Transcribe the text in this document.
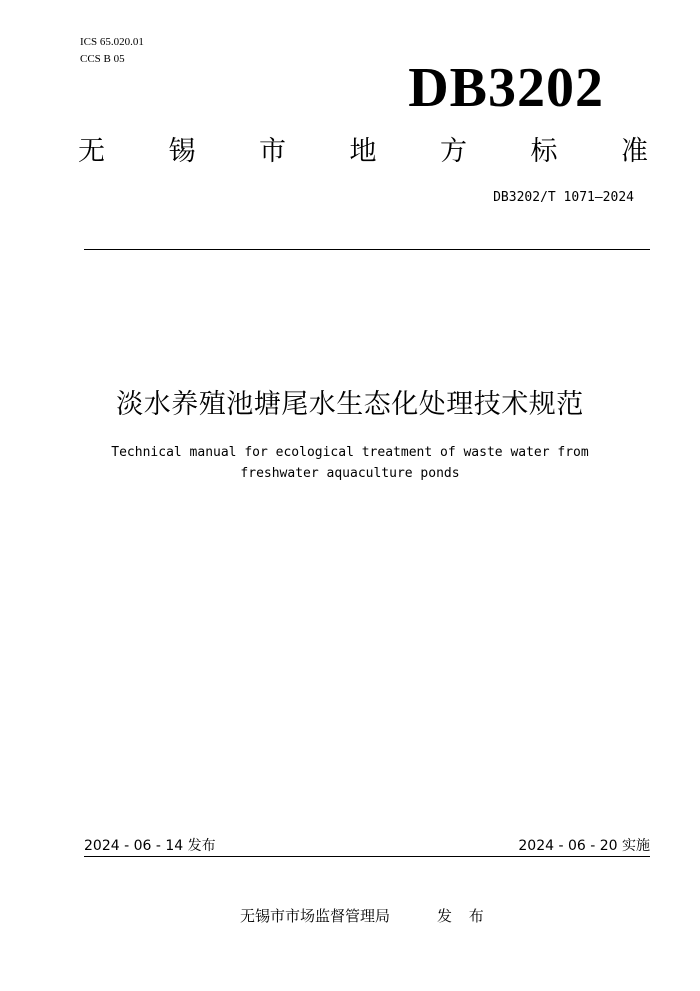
ICS 65.020.01
CCS B 05	DB3202
无 锡 市 地 方 标 准
DB3202/T 1071—2024
淡水养殖池塘尾水生态化处理技术规范
Technical manual for ecological treatment of waste water from
freshwater aquaculture ponds
2024 - 06 - 14 发布	2024 - 06 - 20 实施
无锡市市场监督管理局	发 布
